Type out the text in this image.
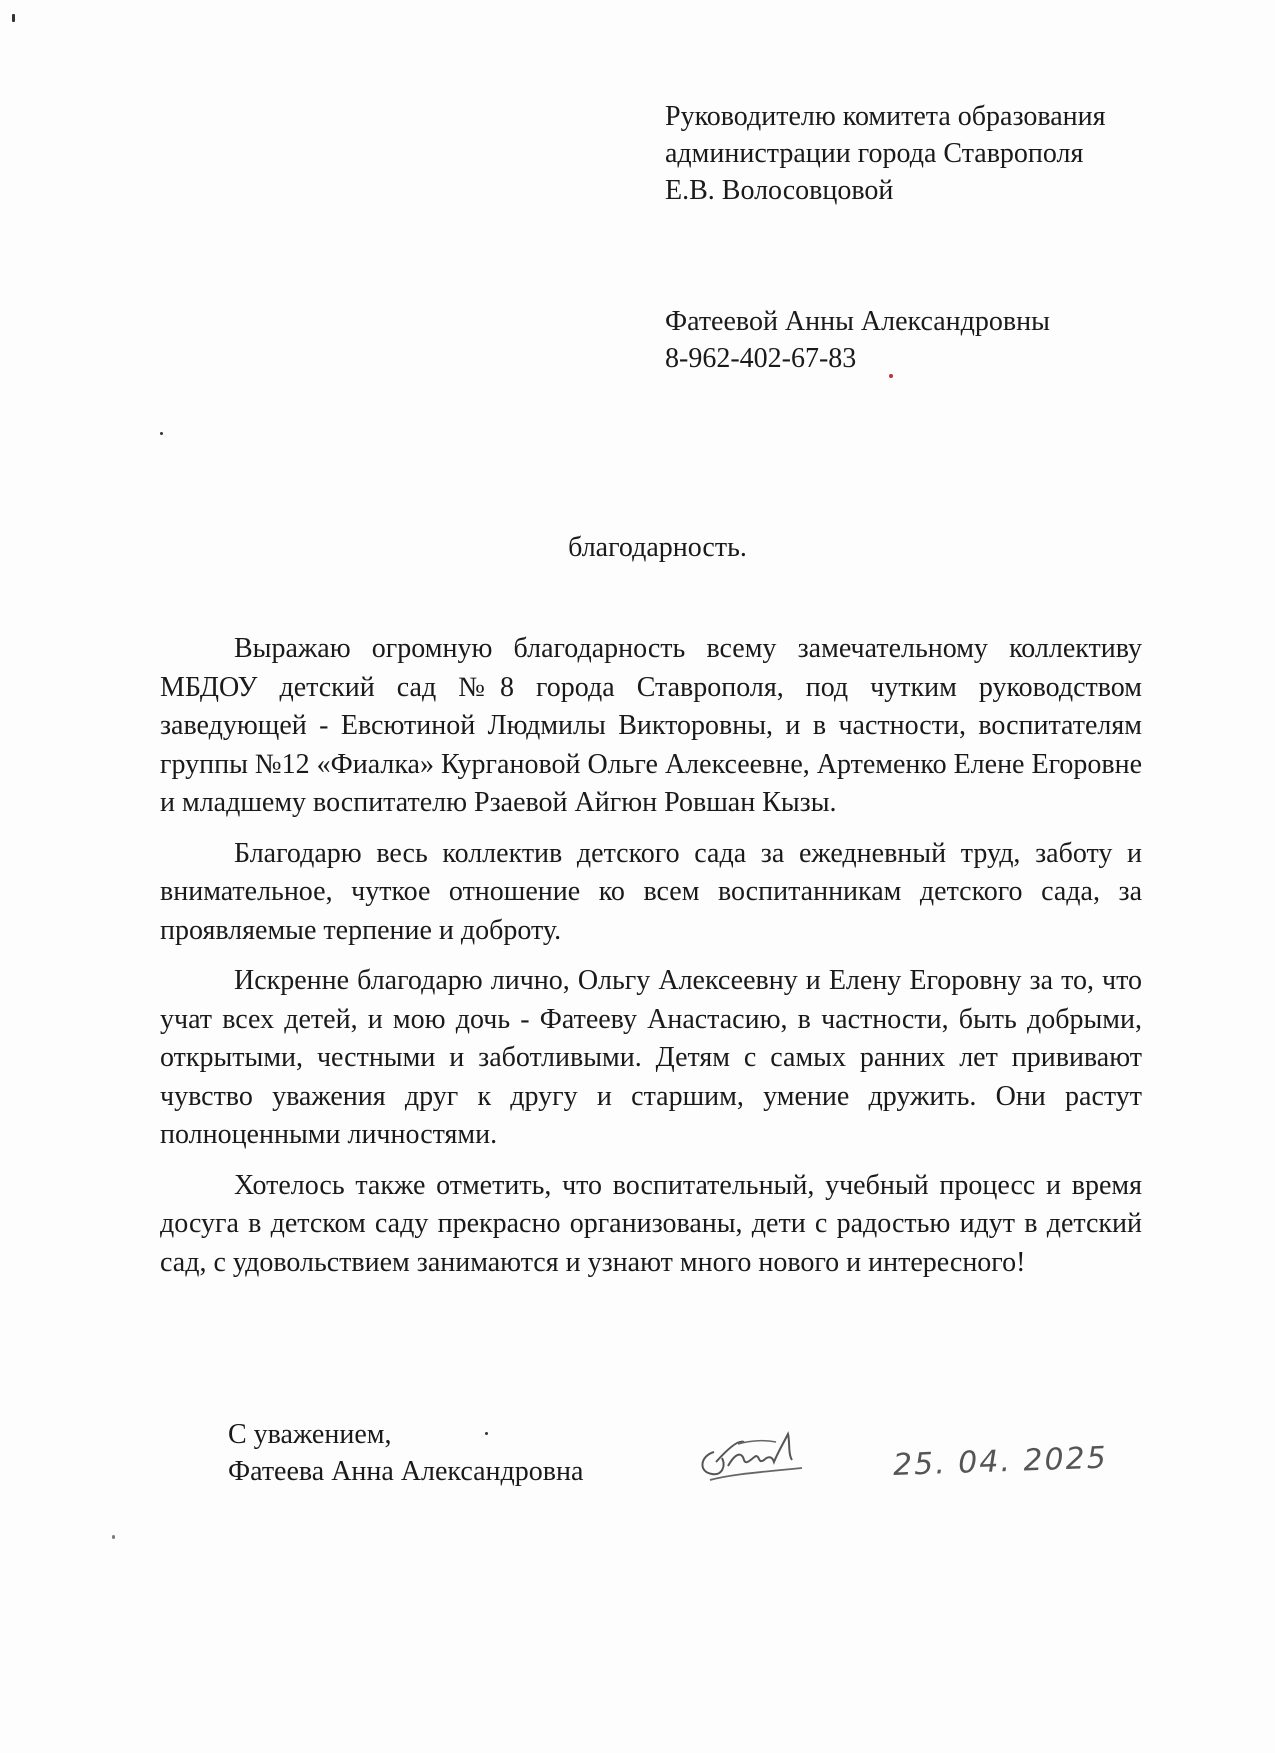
Руководителю комитета образования
администрации города Ставрополя
Е.В. Волосовцовой
Фатеевой Анны Александровны
8-962-402-67-83
благодарность.

Выражаю огромную благодарность всему замечательному коллективу МБДОУ детский сад №8 города Ставрополя, под чутким руководством заведующей - Евсютиной Людмилы Викторовны, и в частности, воспитателям группы №12 «Фиалка» Кургановой Ольге Алексеевне, Артеменко Елене Егоровне и младшему воспитателю Рзаевой Айгюн Ровшан Кызы.

Благодарю весь коллектив детского сада за ежедневный труд, заботу и внимательное, чуткое отношение ко всем воспитанникам детского сада, за проявляемые терпение и доброту.

Искренне благодарю лично, Ольгу Алексеевну и Елену Егоровну за то, что учат всех детей, и мою дочь - Фатееву Анастасию, в частности, быть добрыми, открытыми, честными и заботливыми. Детям с самых ранних лет прививают чувство уважения друг к другу и старшим, умение дружить. Они растут полноценными личностями.

Хотелось также отметить, что воспитательный, учебный процесс и время досуга в детском саду прекрасно организованы, дети с радостью идут в детский сад, с удовольствием занимаются и узнают много нового и интересного!

С уважением,
Фатеева Анна Александровна	25. 04. 2025
